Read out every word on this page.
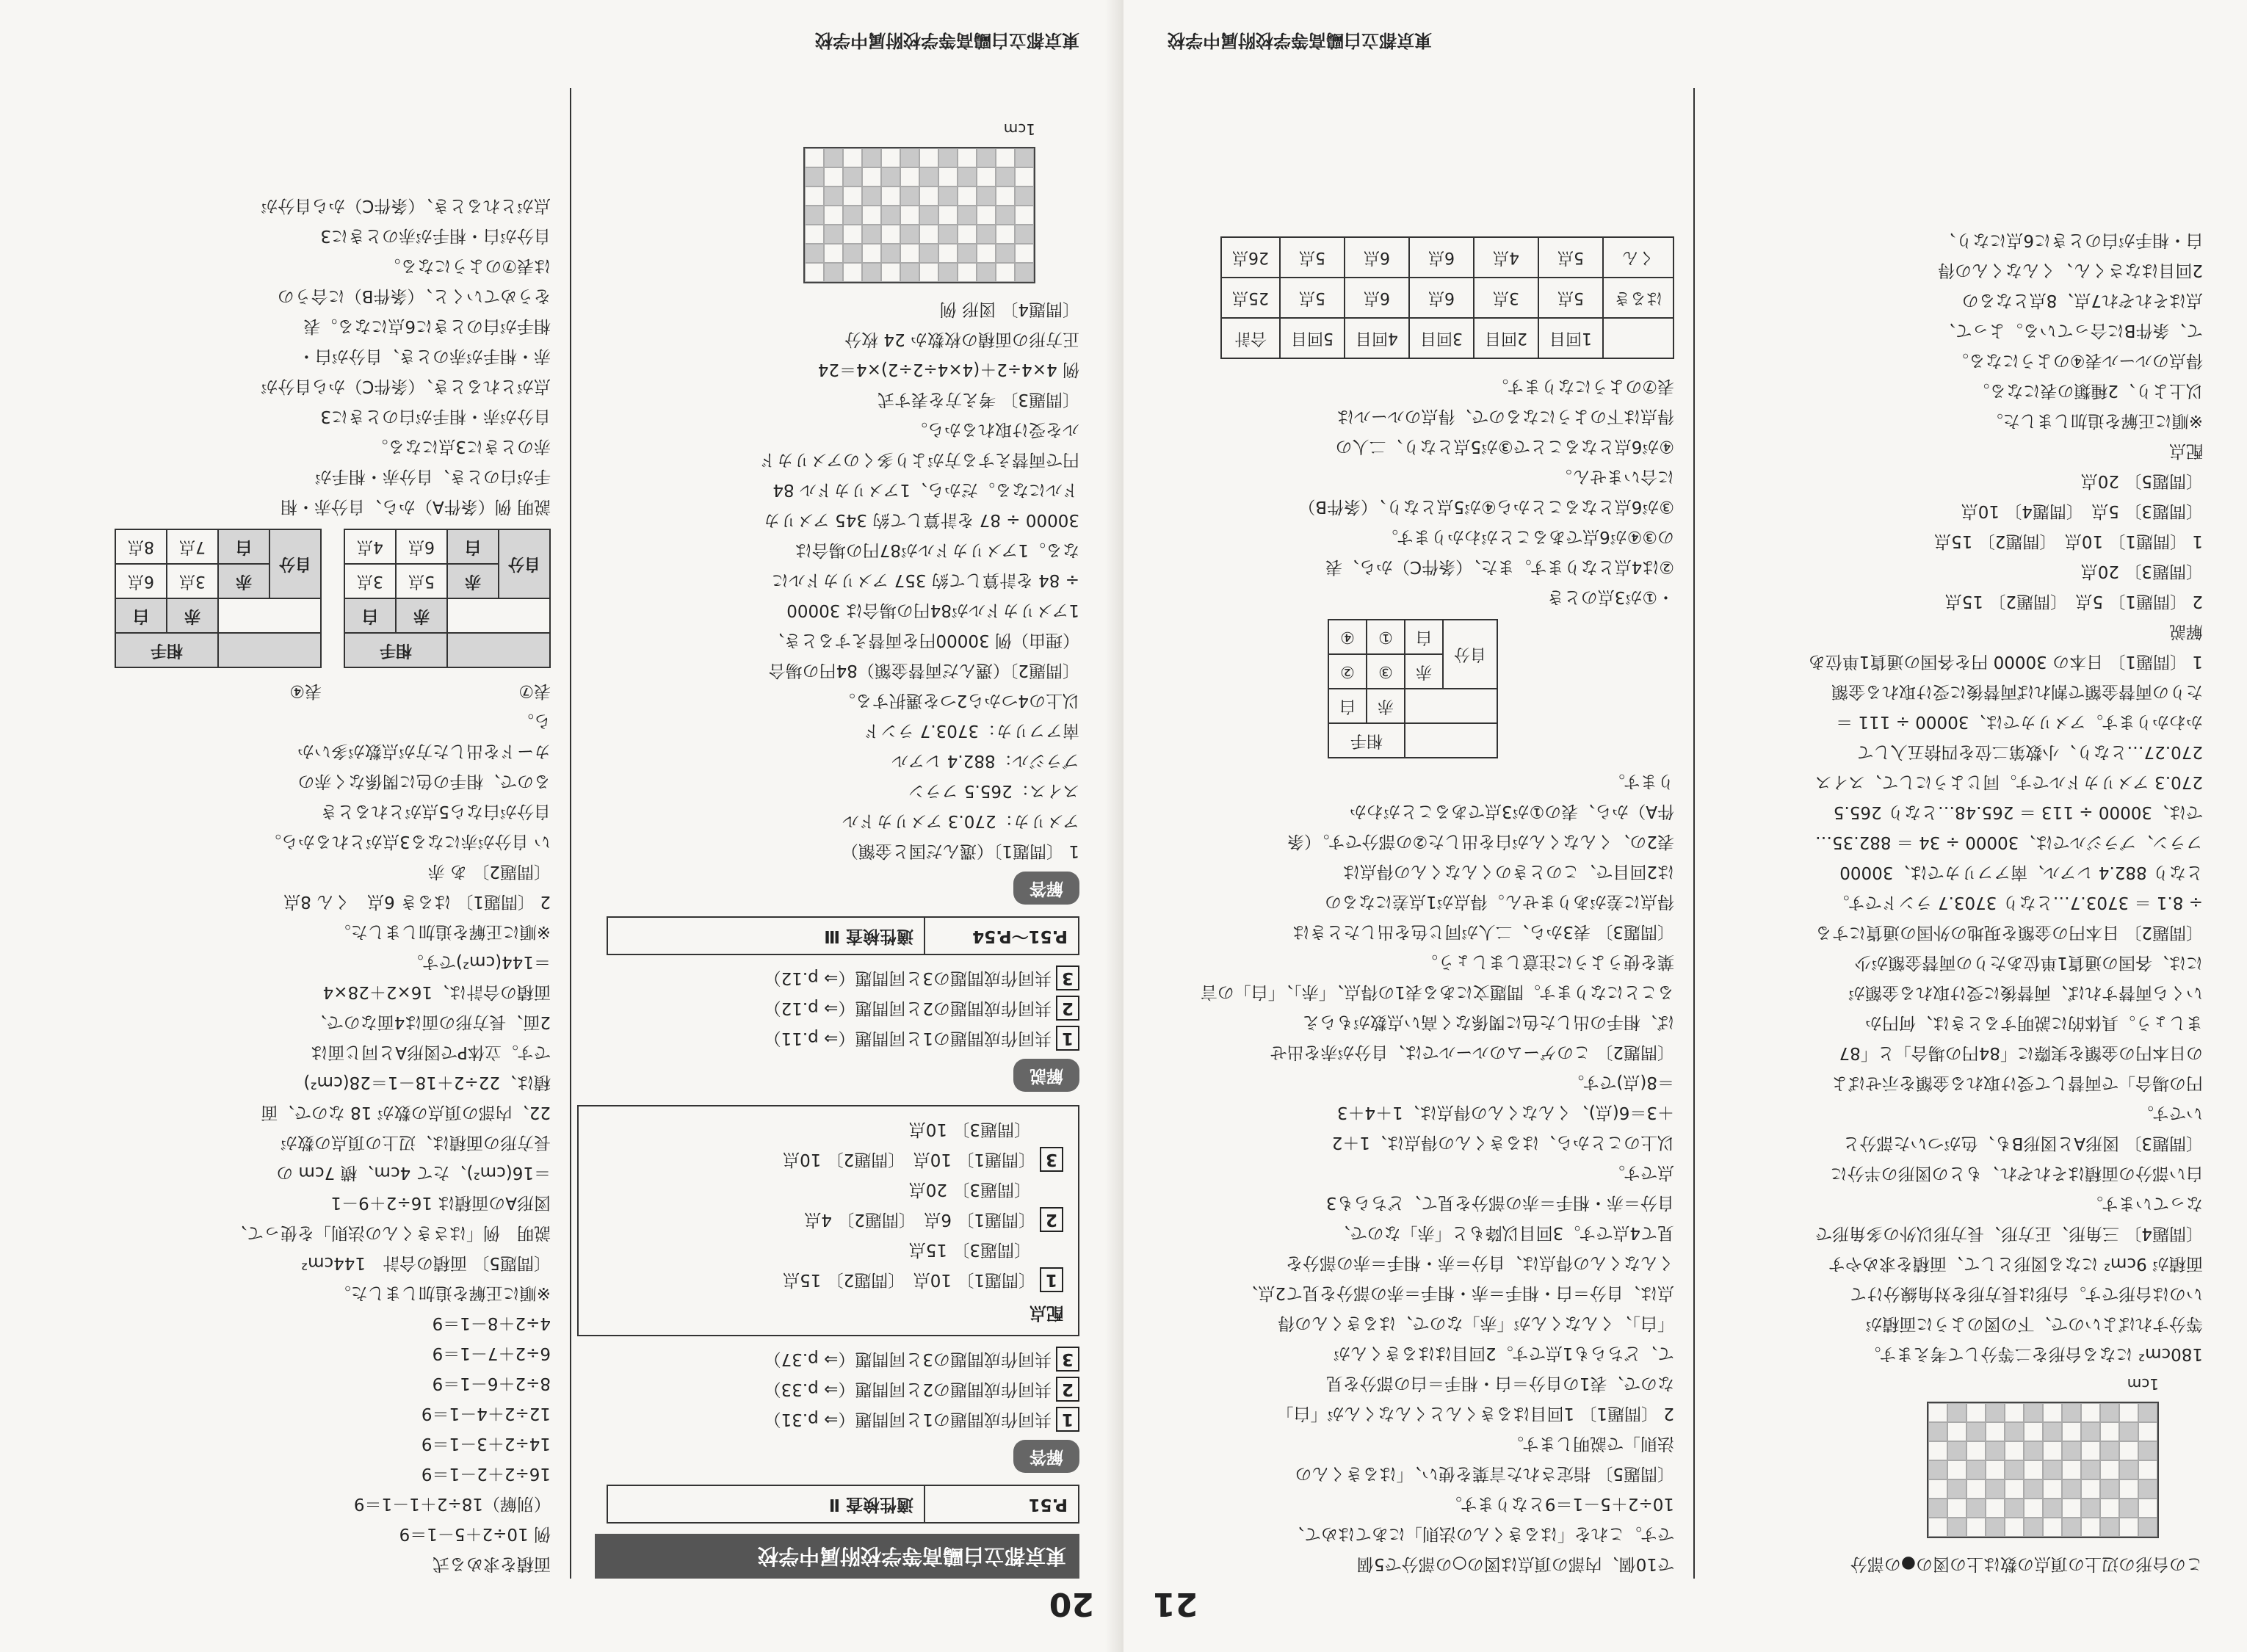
20
東京都立白鷗高等学校附属中学校
東京都立白鷗高等学校附属中学校
P.51
適性検査 Ⅱ
解答

1共同作成問題の1と同問題（⇒ p.31）

2共同作成問題の2と同問題（⇒ p.33）

3共同作成問題の3と同問題（⇒ p.37）

配点

1〔問題1〕 10点　〔問題2〕 15点

〔問題3〕 15点

2〔問題1〕 6点　〔問題2〕 4点

〔問題3〕 20点

3〔問題1〕 10点　〔問題2〕 10点

〔問題3〕 10点

解説

1共同作成問題の1と同問題（⇒ p.11）

2共同作成問題の2と同問題（⇒ p.12）

3共同作成問題の3と同問題（⇒ p.12）

P.51～P.54
適性検査 Ⅲ
解答

1 〔問題1〕（選んだ国と金額）

アメリカ：270.3 アメリカドル

スイス：265.5 フラン

ブラジル：882.4 レアル

南アフリカ：3703.7 ランド

以上の4つから2つを選択する。

〔問題2〕（選んだ両替金額）84円の場合

（理由）例 30000円を両替えするとき、

1アメリカドルが84円の場合は 30000

÷ 84 を計算して約 357 アメリカドルに

なる。1アメリカドルが87円の場合は

30000 ÷ 87 を計算して約 345 アメリカ

ドルになる。だから、1アメリカドル 84

円で両替えする方がより多くのアメリカド

ルを受け取れるから。

〔問題3〕 考え方を表す式

例 4×4÷2＋(4×4÷2÷2)×4＝24

正方形の面積の枚数か 24 枚分

〔問題4〕 図形 例

1cm

面積を求める式

例 10÷2＋5－1＝9

（別解）18÷2＋1－1＝9

16÷2＋2－1＝9

14÷2＋3－1＝9

12÷2＋4－1＝9

8÷2＋6－1＝9

6÷2＋7－1＝9

4÷2＋8－1＝9

※順に正解を追加しました。

〔問題5〕 面積の合計　144cm²

説明　例「はさきくんの法則」を使って、

図形Aの面積は 16÷2＋9－1

＝16(cm²)、たて 4cm、横 7cm の

長方形の面積は、辺上の頂点の数が

22、内部の頂点の数が 18 なので、面

積は、22÷2＋18－1＝28(cm²)

です。立体Pで図形Aと同じ面は

2面、長方形の面は4面なので、

面積の合計は、16×2＋28×4

＝144(cm²)です。

※順に正解を追加しました。

2 〔問題1〕 はるき 6点　くん 8点

〔問題2〕 あ 赤

い 自分が赤になる3点がとれるから。

自分が白なら5点がとれるとき

るので、相手の色に関係なく赤の

カードを出した方が点数が多いか

ら。

表⑦
		相手	
		赤	白
自分	赤	5点	3点
	白	6点	4点
表④
		相手	
		赤	白
自分	赤	3点	6点
	白	7点	8点

説明 例（条件A）から、自分赤・相

手が白のとき、自分赤・相手が

赤のときに3点になる。

自分が赤・相手が白のときに3

点がとれるとき、（条件C）から自分が

赤・相手が赤のとき、自分が白・

相手が白のときに6点になる。表

をうめていくと、（条件B）に合うの

は表⑦のようになる。

自分が白・相手が赤のときに3

点がとれるとき、（条件C）から自分が

21
東京都立白鷗高等学校附属中学校

この台形の辺上の頂点の数は上の図の●の部分

1cm

180cm² になる台形を二等分して考えます。

等分すればよいので、下の図のように面積が

いのは台形です。台形は長方形を対角線分けて

面積が 9cm² になる図形として、面積を求めやす

〔問題4〕 三角形、正方形、長方形以外の多角形で

なっています。

白い部分の面積はそれぞれ、もとの図形の半分に

〔問題3〕 図形Aと図形Bも、色がついた部分と

いです。

円の場合」で両替して受け取れる金額を示せばよ

の日本円の金額を実際に「84円の場合」と「87

ましょう。具体的に説明するときは、何円か

いくら両替すれば、両替後に受け取れる金額が

には、各国の通貨1単位あたりの両替金額が少

〔問題2〕 日本円の金額を現地の外国の通貨にする

÷ 8.1 ＝ 3703.7…となり 3703.7 ランドです。

となり 882.4 レアル、南アフリカでは、30000

フラン、ブラジルでは、30000 ÷ 34 ＝ 882.35…

では、30000 ÷ 113 ＝ 265.48…となり 265.5

270.3 アメリカドルです。同じようにして、スイス

270.27…となり、小数第二位を四捨五入して

かわかります。アメリカでは、30000 ÷ 111 ＝

たりの両替金額で割れば両替後に受け取れる金額

1 〔問題1〕 日本の 30000 円を各国の通貨1単位あ

解説

2 〔問題1〕 5点　〔問題2〕 15点

〔問題3〕 20点

1 〔問題1〕 10点　〔問題2〕 15点

〔問題3〕 5点　〔問題4〕 10点

〔問題5〕 20点

配点

※順に正解を追加しました。

以上より、2種類の表になる。

得点のルール表④のようになる。

て、条件Bに合っている。よって、

点はそれぞれ7点、8点となるの

2回目はなさくん、くんなくんの得

白・相手が白のときに6点になり、

で10個、内部の頂点は図の○の部分で5個

です。これを「はるきくんの法則」にあてはめて、

10÷2＋5－1＝9となります。

〔問題5〕 指定された言葉を使い、「はるきくんの

法則」で説明します。

2 〔問題1〕 1回目はるきくんとくんなくんが「白」

なので、表1の自分＝白・相手＝白の部分を見

て、どちらも1点です。2回目ははるきくんが

「白」、くんなくんが「赤」なので、はるきくんの得

点は、自分＝白・相手＝赤・相手＝赤の部分を見て2点、

くんなくんの得点は、自分＝赤・相手＝赤の部分を

見て4点です。3回目以降もと「赤」なので、

自分＝赤・相手＝赤の部分を見て、どちらも3

点です。

以上のことから、はるきくんの得点は、1＋2

＋3＝6(点)、くんなくんの得点は、1＋4＋3

＝8(点)です。

〔問題2〕 このゲームのルールでは、自分が赤を出せ

ば、相手の出した色に関係なく高い点数がもらえ

ることになります。問題文にある表1の得点、「赤」、「白」の言

葉を使うように注意しましょう。

〔問題3〕 表3から、二人が同じ色を出したときは

得点に差がありません。得点が1点差になるの

は2回目で、このときのくんなくんの得点は

表2の、くんなくんが白を出した②の部分です。（条

件A）から、表の①が3点であることがわか

ります。

		相手	
		赤	白
自分	赤	③	②
	白	①	④

・①が3点のとき

②は4点となります。また、（条件C）から、表

の③④が6点であることがわかります。

③が6点となることから④が5点となり、（条件B）

に合いません。

④が6点となることで③が5点となり、二人の

得点は下のようになるので、得点のルールは

表⑦のようになります。

	1回目	2回目	3回目	4回目	5回目	合計
はるき	5点	3点	6点	6点	5点	25点
くん	5点	4点	6点	6点	5点	26点
